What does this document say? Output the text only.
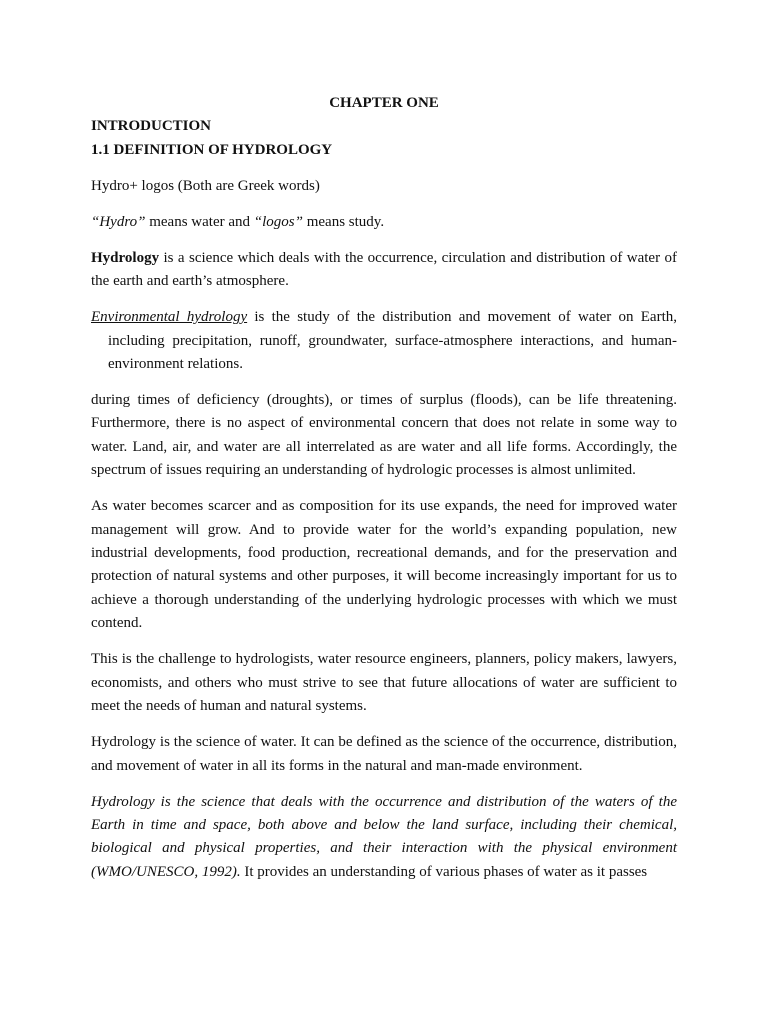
CHAPTER ONE

INTRODUCTION

1.1 DEFINITION OF HYDROLOGY

Hydro+ logos (Both are Greek words)

“Hydro” means water and “logos” means study.

Hydrology is a science which deals with the occurrence, circulation and distribution of water of the earth and earth’s atmosphere.

Environmental hydrology is the study of the distribution and movement of water on Earth, including precipitation, runoff, groundwater, surface-atmosphere interactions, and human-environment relations.

during times of deficiency (droughts), or times of surplus (floods), can be life threatening. Furthermore, there is no aspect of environmental concern that does not relate in some way to water. Land, air, and water are all interrelated as are water and all life forms. Accordingly, the spectrum of issues requiring an understanding of hydrologic processes is almost unlimited.

As water becomes scarcer and as composition for its use expands, the need for improved water management will grow. And to provide water for the world’s expanding population, new industrial developments, food production, recreational demands, and for the preservation and protection of natural systems and other purposes, it will become increasingly important for us to achieve a thorough understanding of the underlying hydrologic processes with which we must contend.

This is the challenge to hydrologists, water resource engineers, planners, policy makers, lawyers, economists, and others who must strive to see that future allocations of water are sufficient to meet the needs of human and natural systems.

Hydrology is the science of water. It can be defined as the science of the occurrence, distribution, and movement of water in all its forms in the natural and man-made environment.

Hydrology is the science that deals with the occurrence and distribution of the waters of the Earth in time and space, both above and below the land surface, including their chemical, biological and physical properties, and their interaction with the physical environment (WMO/UNESCO, 1992). It provides an understanding of various phases of water as it passes
